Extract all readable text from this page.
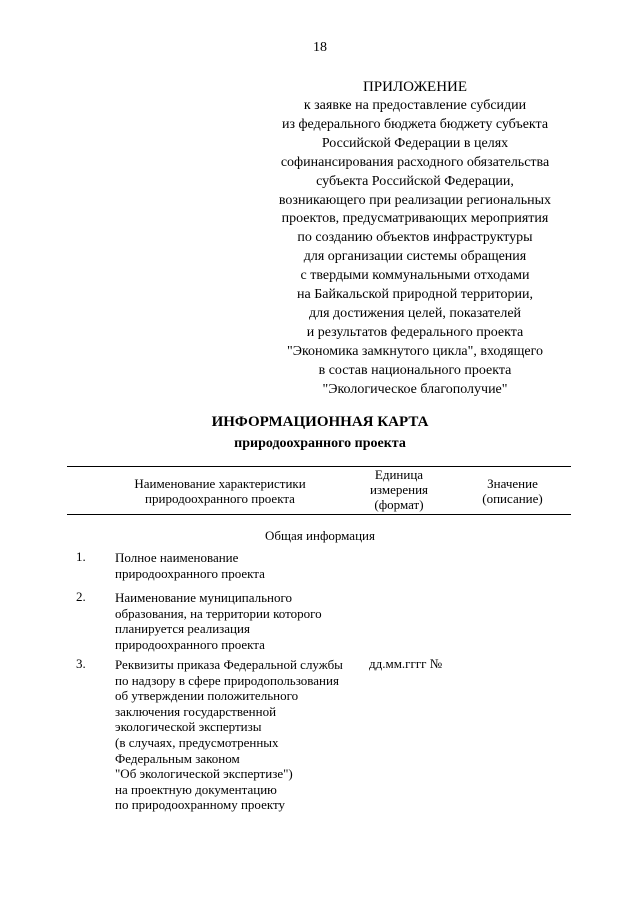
18
ПРИЛОЖЕНИЕ
к заявке на предоставление субсидии
из федерального бюджета бюджету субъекта
Российской Федерации в целях
софинансирования расходного обязательства
субъекта Российской Федерации,
возникающего при реализации региональных
проектов, предусматривающих мероприятия
по созданию объектов инфраструктуры
для организации системы обращения
с твердыми коммунальными отходами
на Байкальской природной территории,
для достижения целей, показателей
и результатов федерального проекта
"Экономика замкнутого цикла", входящего
в состав национального проекта
"Экологическое благополучие"
ИНФОРМАЦИОННАЯ КАРТА
природоохранного проекта
Наименование характеристики
природоохранного проекта
Единица
измерения
(формат)
Значение
(описание)
Общая информация
1. Полное наименование
природоохранного проекта
2. Наименование муниципального
образования, на территории которого
планируется реализация
природоохранного проекта
3. Реквизиты приказа Федеральной службы
по надзору в сфере природопользования
об утверждении положительного
заключения государственной
экологической экспертизы
(в случаях, предусмотренных
Федеральным законом
"Об экологической экспертизе")
на проектную документацию
по природоохранному проекту
дд.мм.гггг №
